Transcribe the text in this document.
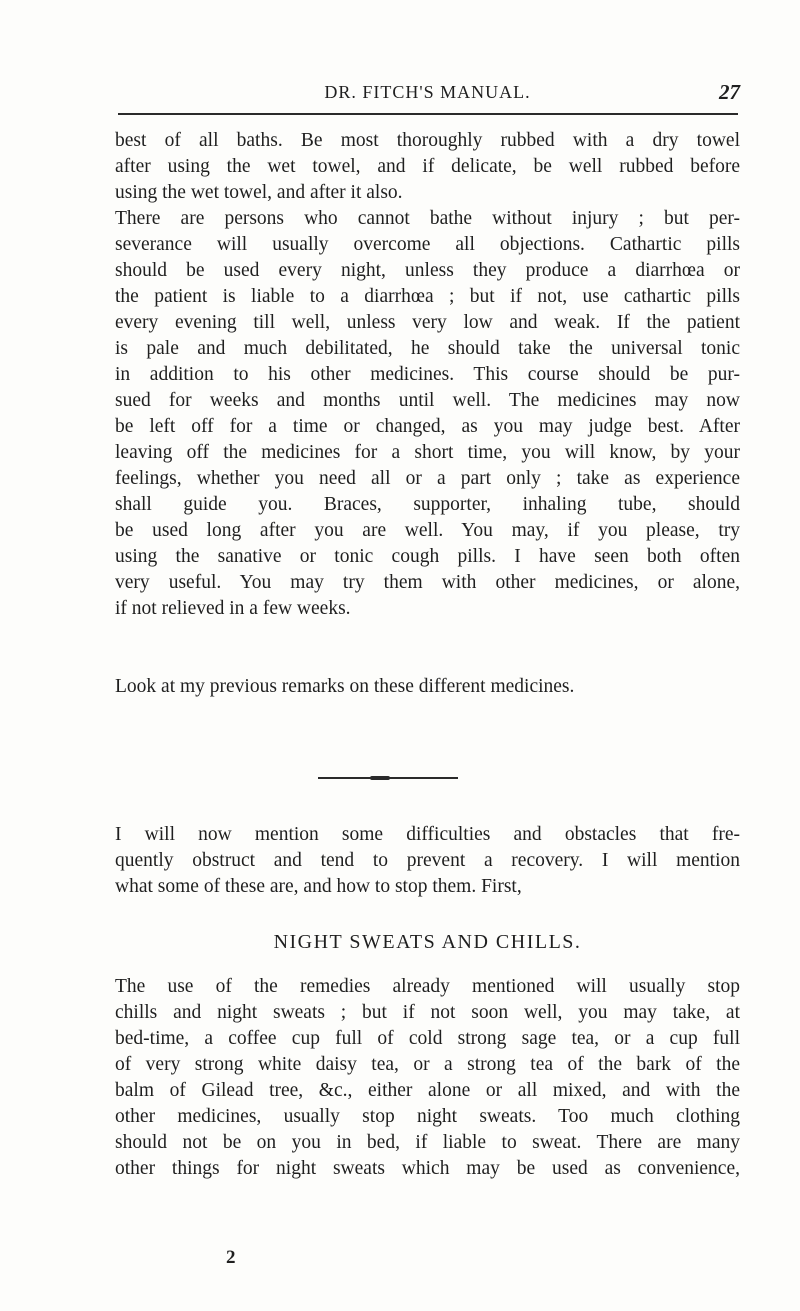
DR. FITCH'S MANUAL.	27
best of all baths. Be most thoroughly rubbed with a dry towel
after using the wet towel, and if delicate, be well rubbed before
using the wet towel, and after it also.
There are persons who cannot bathe without injury ; but per-
severance will usually overcome all objections. Cathartic pills
should be used every night, unless they produce a diarrhœa or
the patient is liable to a diarrhœa ; but if not, use cathartic pills
every evening till well, unless very low and weak. If the patient
is pale and much debilitated, he should take the universal tonic
in addition to his other medicines. This course should be pur-
sued for weeks and months until well. The medicines may now
be left off for a time or changed, as you may judge best. After
leaving off the medicines for a short time, you will know, by your
feelings, whether you need all or a part only ; take as experience
shall guide you. Braces, supporter, inhaling tube, should
be used long after you are well. You may, if you please, try
using the sanative or tonic cough pills. I have seen both often
very useful. You may try them with other medicines, or alone,
if not relieved in a few weeks.
Look at my previous remarks on these different medicines.
I will now mention some difficulties and obstacles that fre-
quently obstruct and tend to prevent a recovery. I will mention
what some of these are, and how to stop them. First,
NIGHT SWEATS AND CHILLS.
The use of the remedies already mentioned will usually stop
chills and night sweats ; but if not soon well, you may take, at
bed-time, a coffee cup full of cold strong sage tea, or a cup full
of very strong white daisy tea, or a strong tea of the bark of the
balm of Gilead tree, &c., either alone or all mixed, and with the
other medicines, usually stop night sweats. Too much clothing
should not be on you in bed, if liable to sweat. There are many
other things for night sweats which may be used as convenience,
2
